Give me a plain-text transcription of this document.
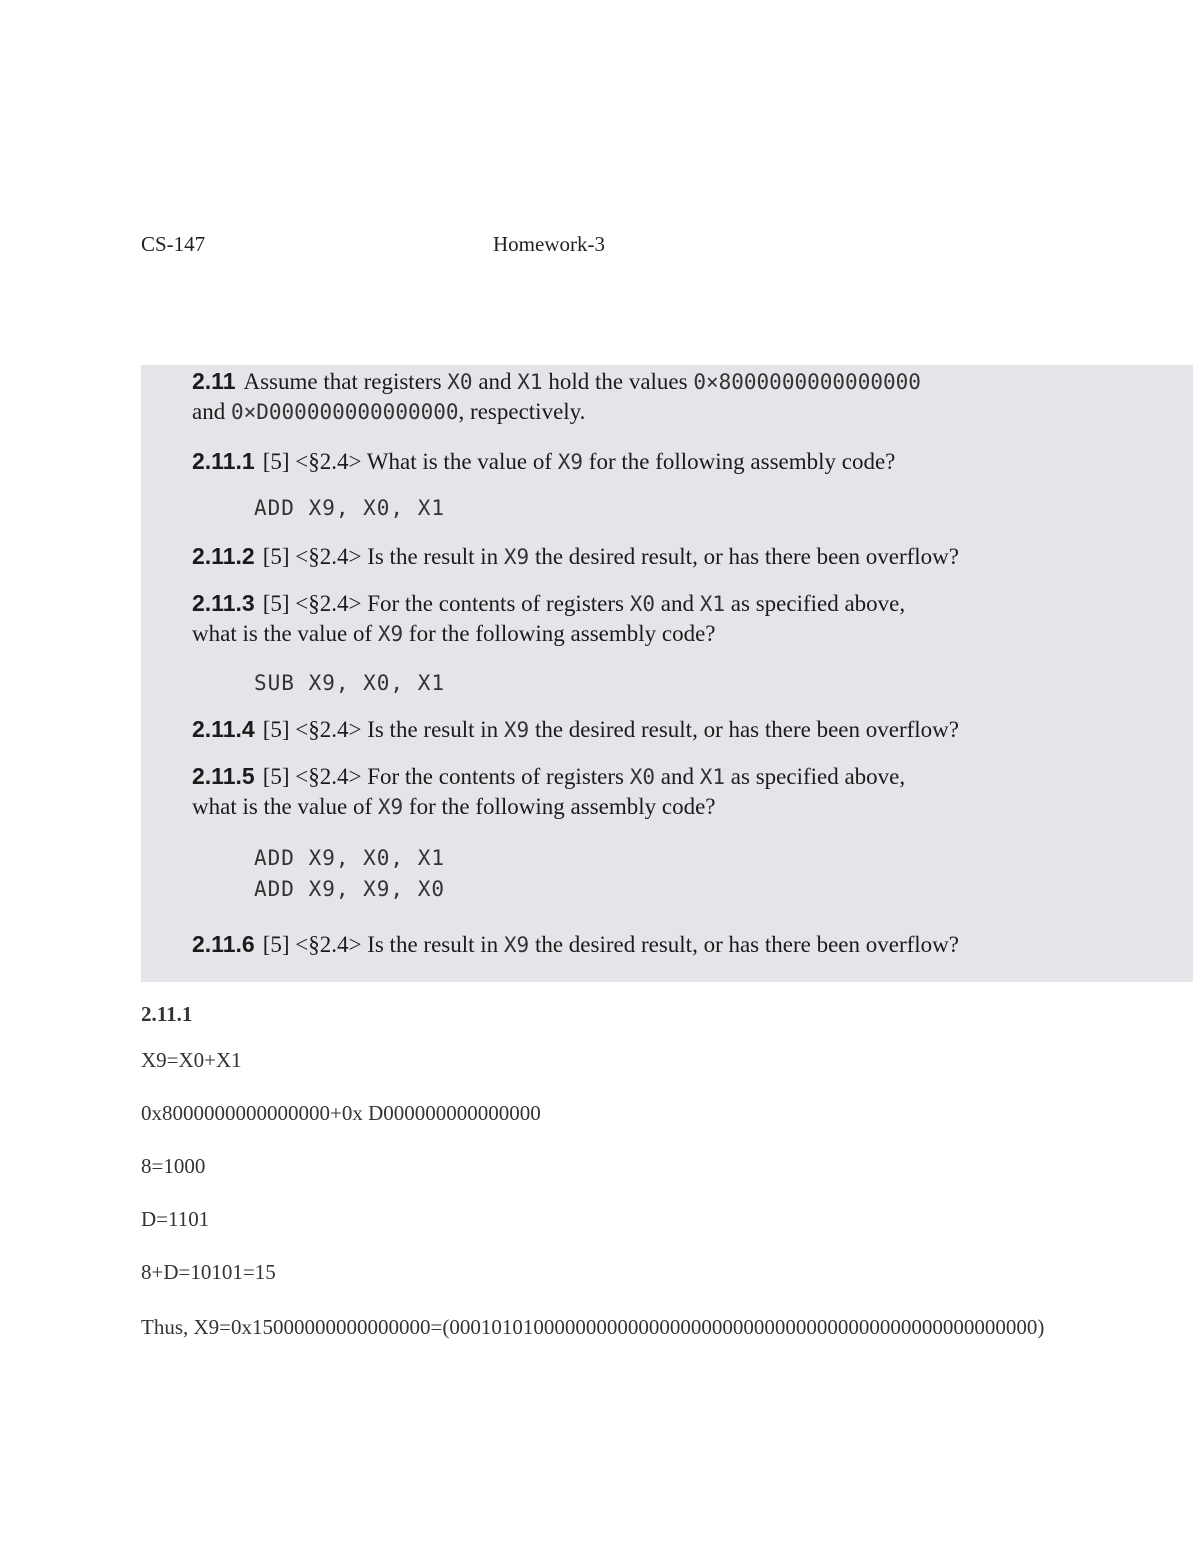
CS-147	Homework-3
2.11 Assume that registers X0 and X1 hold the values 0×8000000000000000
and 0×D000000000000000, respectively.
2.11.1 [5] <§2.4> What is the value of X9 for the following assembly code?
ADD X9, X0, X1
2.11.2 [5] <§2.4> Is the result in X9 the desired result, or has there been overflow?
2.11.3 [5] <§2.4> For the contents of registers X0 and X1 as specified above,
what is the value of X9 for the following assembly code?
SUB X9, X0, X1
2.11.4 [5] <§2.4> Is the result in X9 the desired result, or has there been overflow?
2.11.5 [5] <§2.4> For the contents of registers X0 and X1 as specified above,
what is the value of X9 for the following assembly code?
ADD X9, X0, X1
ADD X9, X9, X0
2.11.6 [5] <§2.4> Is the result in X9 the desired result, or has there been overflow?
2.11.1

X9=X0+X1

0x8000000000000000+0x D000000000000000

8=1000

D=1101

8+D=10101=15

Thus, X9=0x15000000000000000=(00010101000000000000000000000000000000000000000000000000)
